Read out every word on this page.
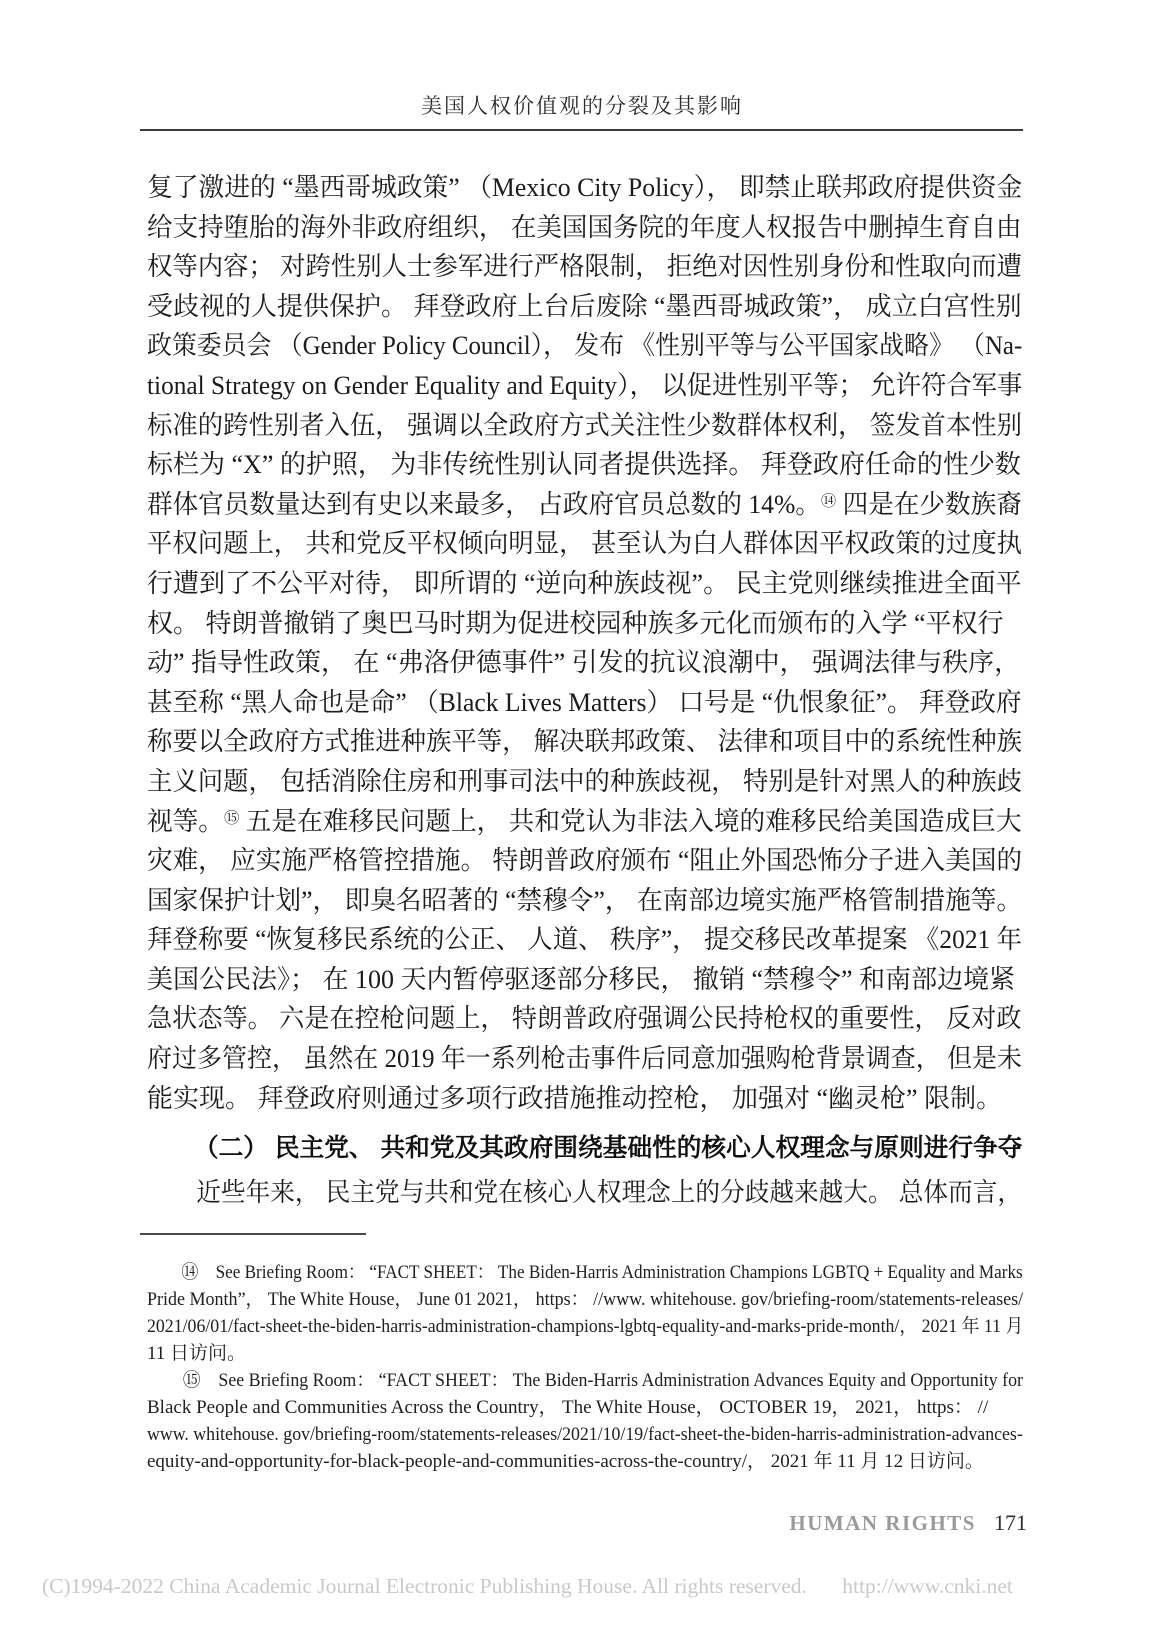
美国人权价值观的分裂及其影响
复了激进的 “墨西哥城政策” （Mexico City Policy）， 即禁止联邦政府提供资金
给支持堕胎的海外非政府组织， 在美国国务院的年度人权报告中删掉生育自由
权等内容； 对跨性别人士参军进行严格限制， 拒绝对因性别身份和性取向而遭
受歧视的人提供保护。 拜登政府上台后废除 “墨西哥城政策”， 成立白宫性别
政策委员会 （Gender Policy Council）， 发布 《性别平等与公平国家战略》 （Na-
tional Strategy on Gender Equality and Equity）， 以促进性别平等； 允许符合军事
标准的跨性别者入伍， 强调以全政府方式关注性少数群体权利， 签发首本性别
标栏为 “X” 的护照， 为非传统性别认同者提供选择。 拜登政府任命的性少数
群体官员数量达到有史以来最多， 占政府官员总数的 14%。⑭ 四是在少数族裔
平权问题上， 共和党反平权倾向明显， 甚至认为白人群体因平权政策的过度执
行遭到了不公平对待， 即所谓的 “逆向种族歧视”。 民主党则继续推进全面平
权。 特朗普撤销了奥巴马时期为促进校园种族多元化而颁布的入学 “平权行
动” 指导性政策， 在 “弗洛伊德事件” 引发的抗议浪潮中， 强调法律与秩序，
甚至称 “黑人命也是命” （Black Lives Matters） 口号是 “仇恨象征”。 拜登政府
称要以全政府方式推进种族平等， 解决联邦政策、 法律和项目中的系统性种族
主义问题， 包括消除住房和刑事司法中的种族歧视， 特别是针对黑人的种族歧
视等。⑮ 五是在难移民问题上， 共和党认为非法入境的难移民给美国造成巨大
灾难， 应实施严格管控措施。 特朗普政府颁布 “阻止外国恐怖分子进入美国的
国家保护计划”， 即臭名昭著的 “禁穆令”， 在南部边境实施严格管制措施等。
拜登称要 “恢复移民系统的公正、 人道、 秩序”， 提交移民改革提案 《2021 年
美国公民法》； 在 100 天内暂停驱逐部分移民， 撤销 “禁穆令” 和南部边境紧
急状态等。 六是在控枪问题上， 特朗普政府强调公民持枪权的重要性， 反对政
府过多管控， 虽然在 2019 年一系列枪击事件后同意加强购枪背景调查， 但是未
能实现。 拜登政府则通过多项行政措施推动控枪， 加强对 “幽灵枪” 限制。
（二） 民主党、 共和党及其政府围绕基础性的核心人权理念与原则进行争夺
近些年来， 民主党与共和党在核心人权理念上的分歧越来越大。 总体而言，
⑭　See Briefing Room： “FACT SHEET： The Biden-Harris Administration Champions LGBTQ + Equality and Marks
Pride Month”， The White House， June 01 2021， https： //www. whitehouse. gov/briefing-room/statements-releases/
2021/06/01/fact-sheet-the-biden-harris-administration-champions-lgbtq-equality-and-marks-pride-month/， 2021 年 11 月
11 日访问。
⑮　See Briefing Room： “FACT SHEET： The Biden-Harris Administration Advances Equity and Opportunity for
Black People and Communities Across the Country， The White House， OCTOBER 19， 2021， https： //
www. whitehouse. gov/briefing-room/statements-releases/2021/10/19/fact-sheet-the-biden-harris-administration-advances-
equity-and-opportunity-for-black-people-and-communities-across-the-country/， 2021 年 11 月 12 日访问。
HUMAN RIGHTS 171
(C)1994-2022 China Academic Journal Electronic Publishing House. All rights reserved. http://www.cnki.net
